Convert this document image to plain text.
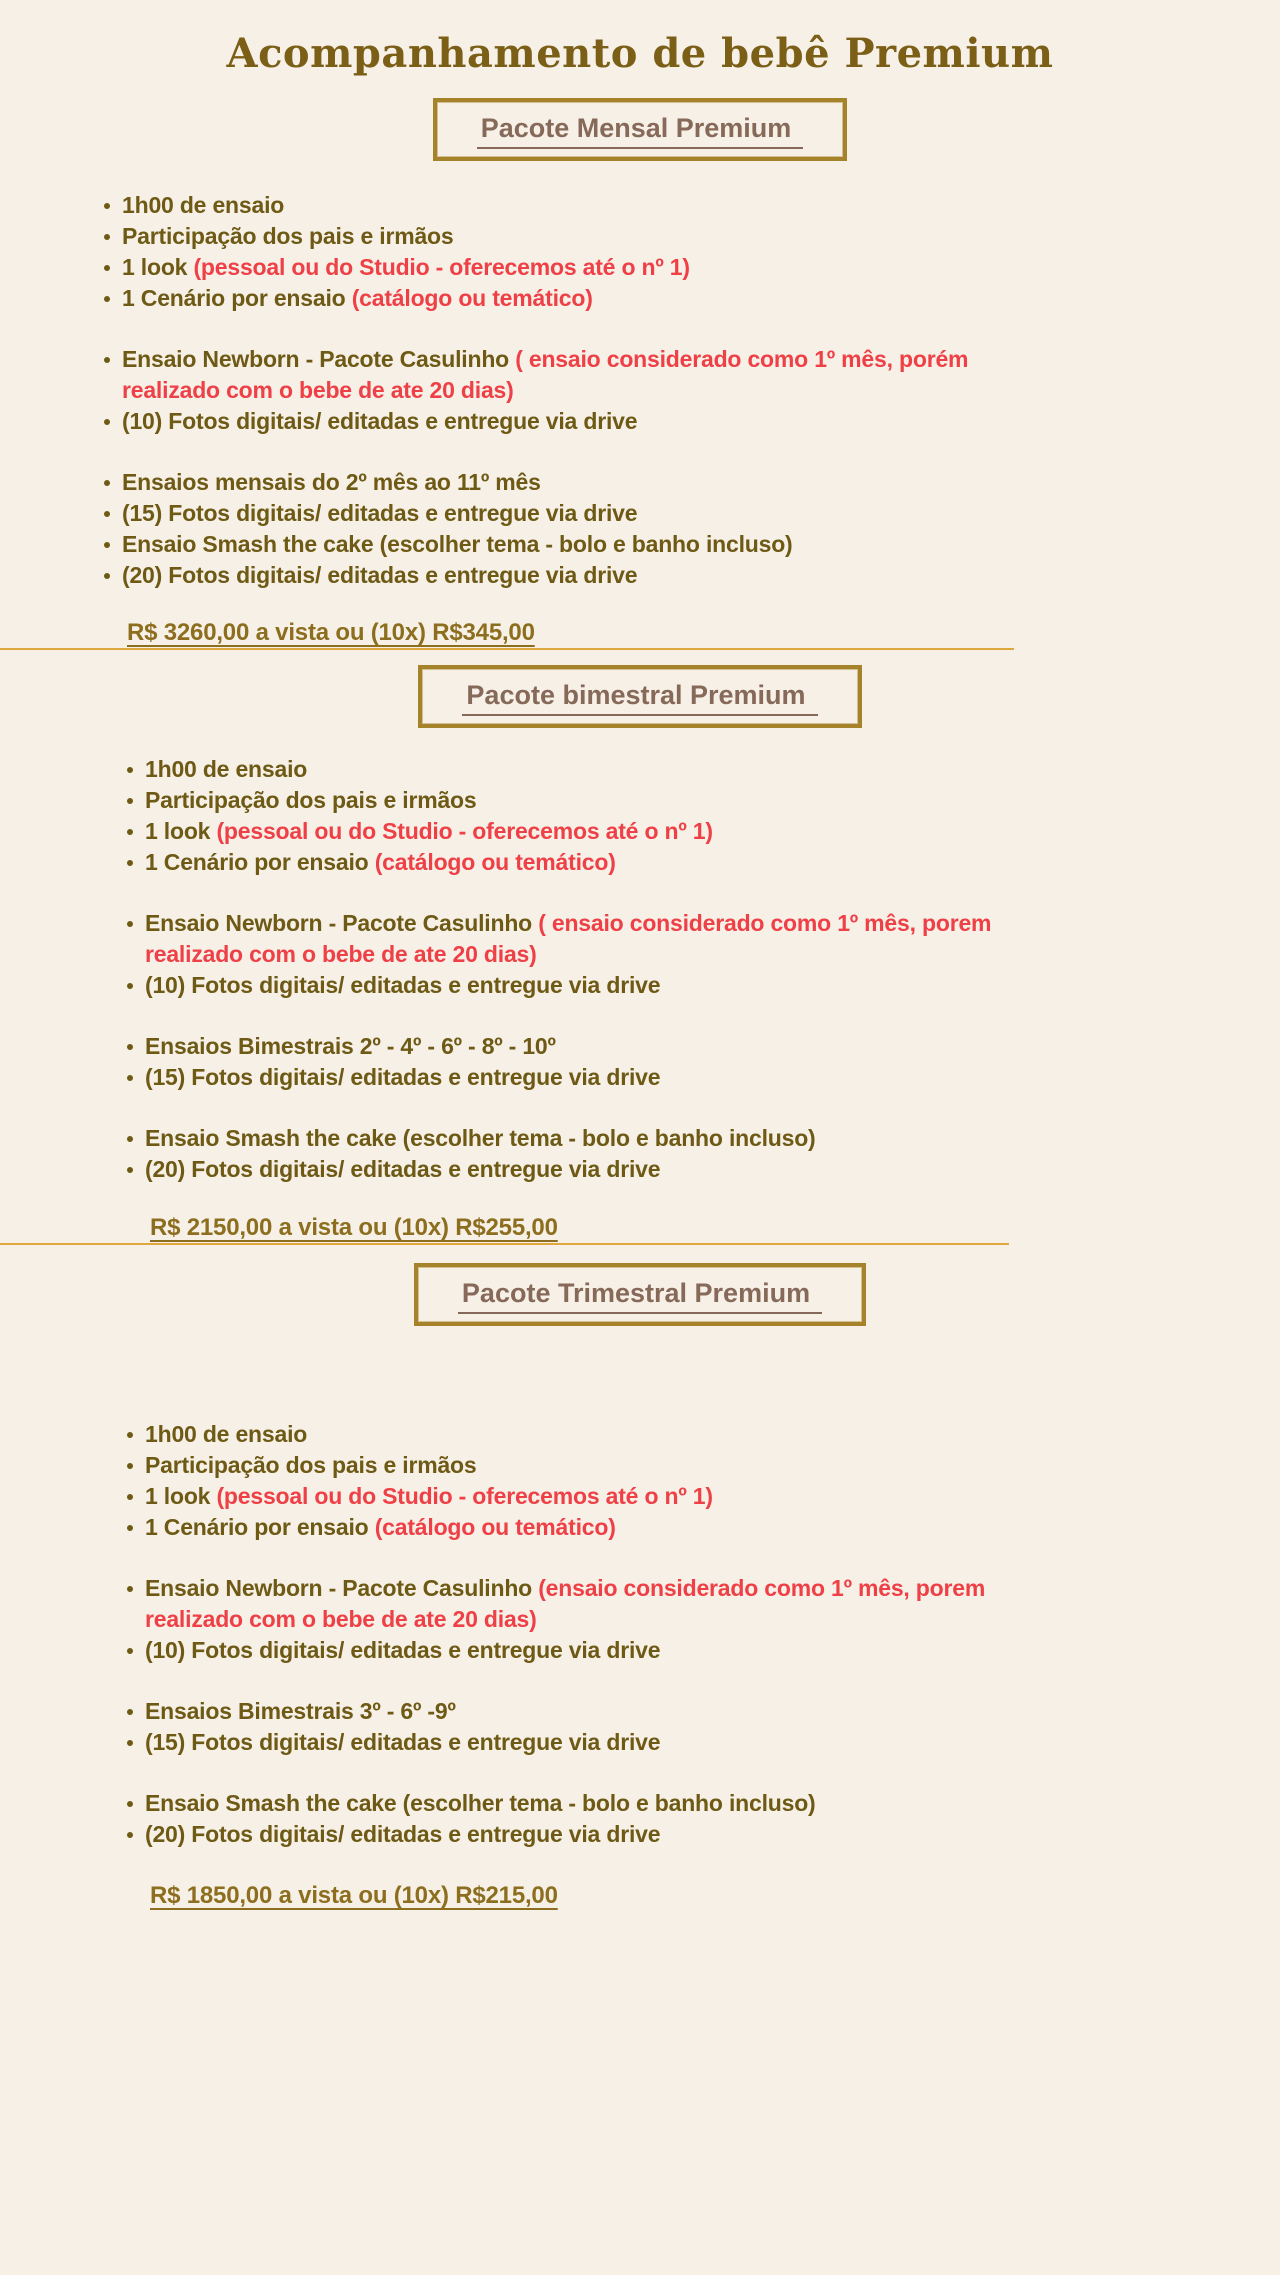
Acompanhamento de bebê Premium
Pacote Mensal Premium
1h00 de ensaio
Participação dos pais e irmãos
1 look (pessoal ou do Studio - oferecemos até o nº 1)
1 Cenário por ensaio (catálogo ou temático)
Ensaio Newborn - Pacote Casulinho ( ensaio considerado como 1º mês, porém
realizado com o bebe de ate 20 dias)
(10) Fotos digitais/ editadas e entregue via drive
Ensaios mensais do 2º mês ao 11º mês
(15) Fotos digitais/ editadas e entregue via drive
Ensaio Smash the cake (escolher tema - bolo e banho incluso)
(20) Fotos digitais/ editadas e entregue via drive
R$ 3260,00 a vista ou (10x) R$345,00
Pacote bimestral Premium
1h00 de ensaio
Participação dos pais e irmãos
1 look (pessoal ou do Studio - oferecemos até o nº 1)
1 Cenário por ensaio (catálogo ou temático)
Ensaio Newborn - Pacote Casulinho ( ensaio considerado como 1º mês, porem
realizado com o bebe de ate 20 dias)
(10) Fotos digitais/ editadas e entregue via drive
Ensaios Bimestrais 2º - 4º - 6º - 8º - 10º
(15) Fotos digitais/ editadas e entregue via drive
Ensaio Smash the cake (escolher tema - bolo e banho incluso)
(20) Fotos digitais/ editadas e entregue via drive
R$ 2150,00 a vista ou (10x) R$255,00
Pacote Trimestral Premium
1h00 de ensaio
Participação dos pais e irmãos
1 look (pessoal ou do Studio - oferecemos até o nº 1)
1 Cenário por ensaio (catálogo ou temático)
Ensaio Newborn - Pacote Casulinho (ensaio considerado como 1º mês, porem
realizado com o bebe de ate 20 dias)
(10) Fotos digitais/ editadas e entregue via drive
Ensaios Bimestrais 3º - 6º -9º
(15) Fotos digitais/ editadas e entregue via drive
Ensaio Smash the cake (escolher tema - bolo e banho incluso)
(20) Fotos digitais/ editadas e entregue via drive
R$ 1850,00 a vista ou (10x) R$215,00
